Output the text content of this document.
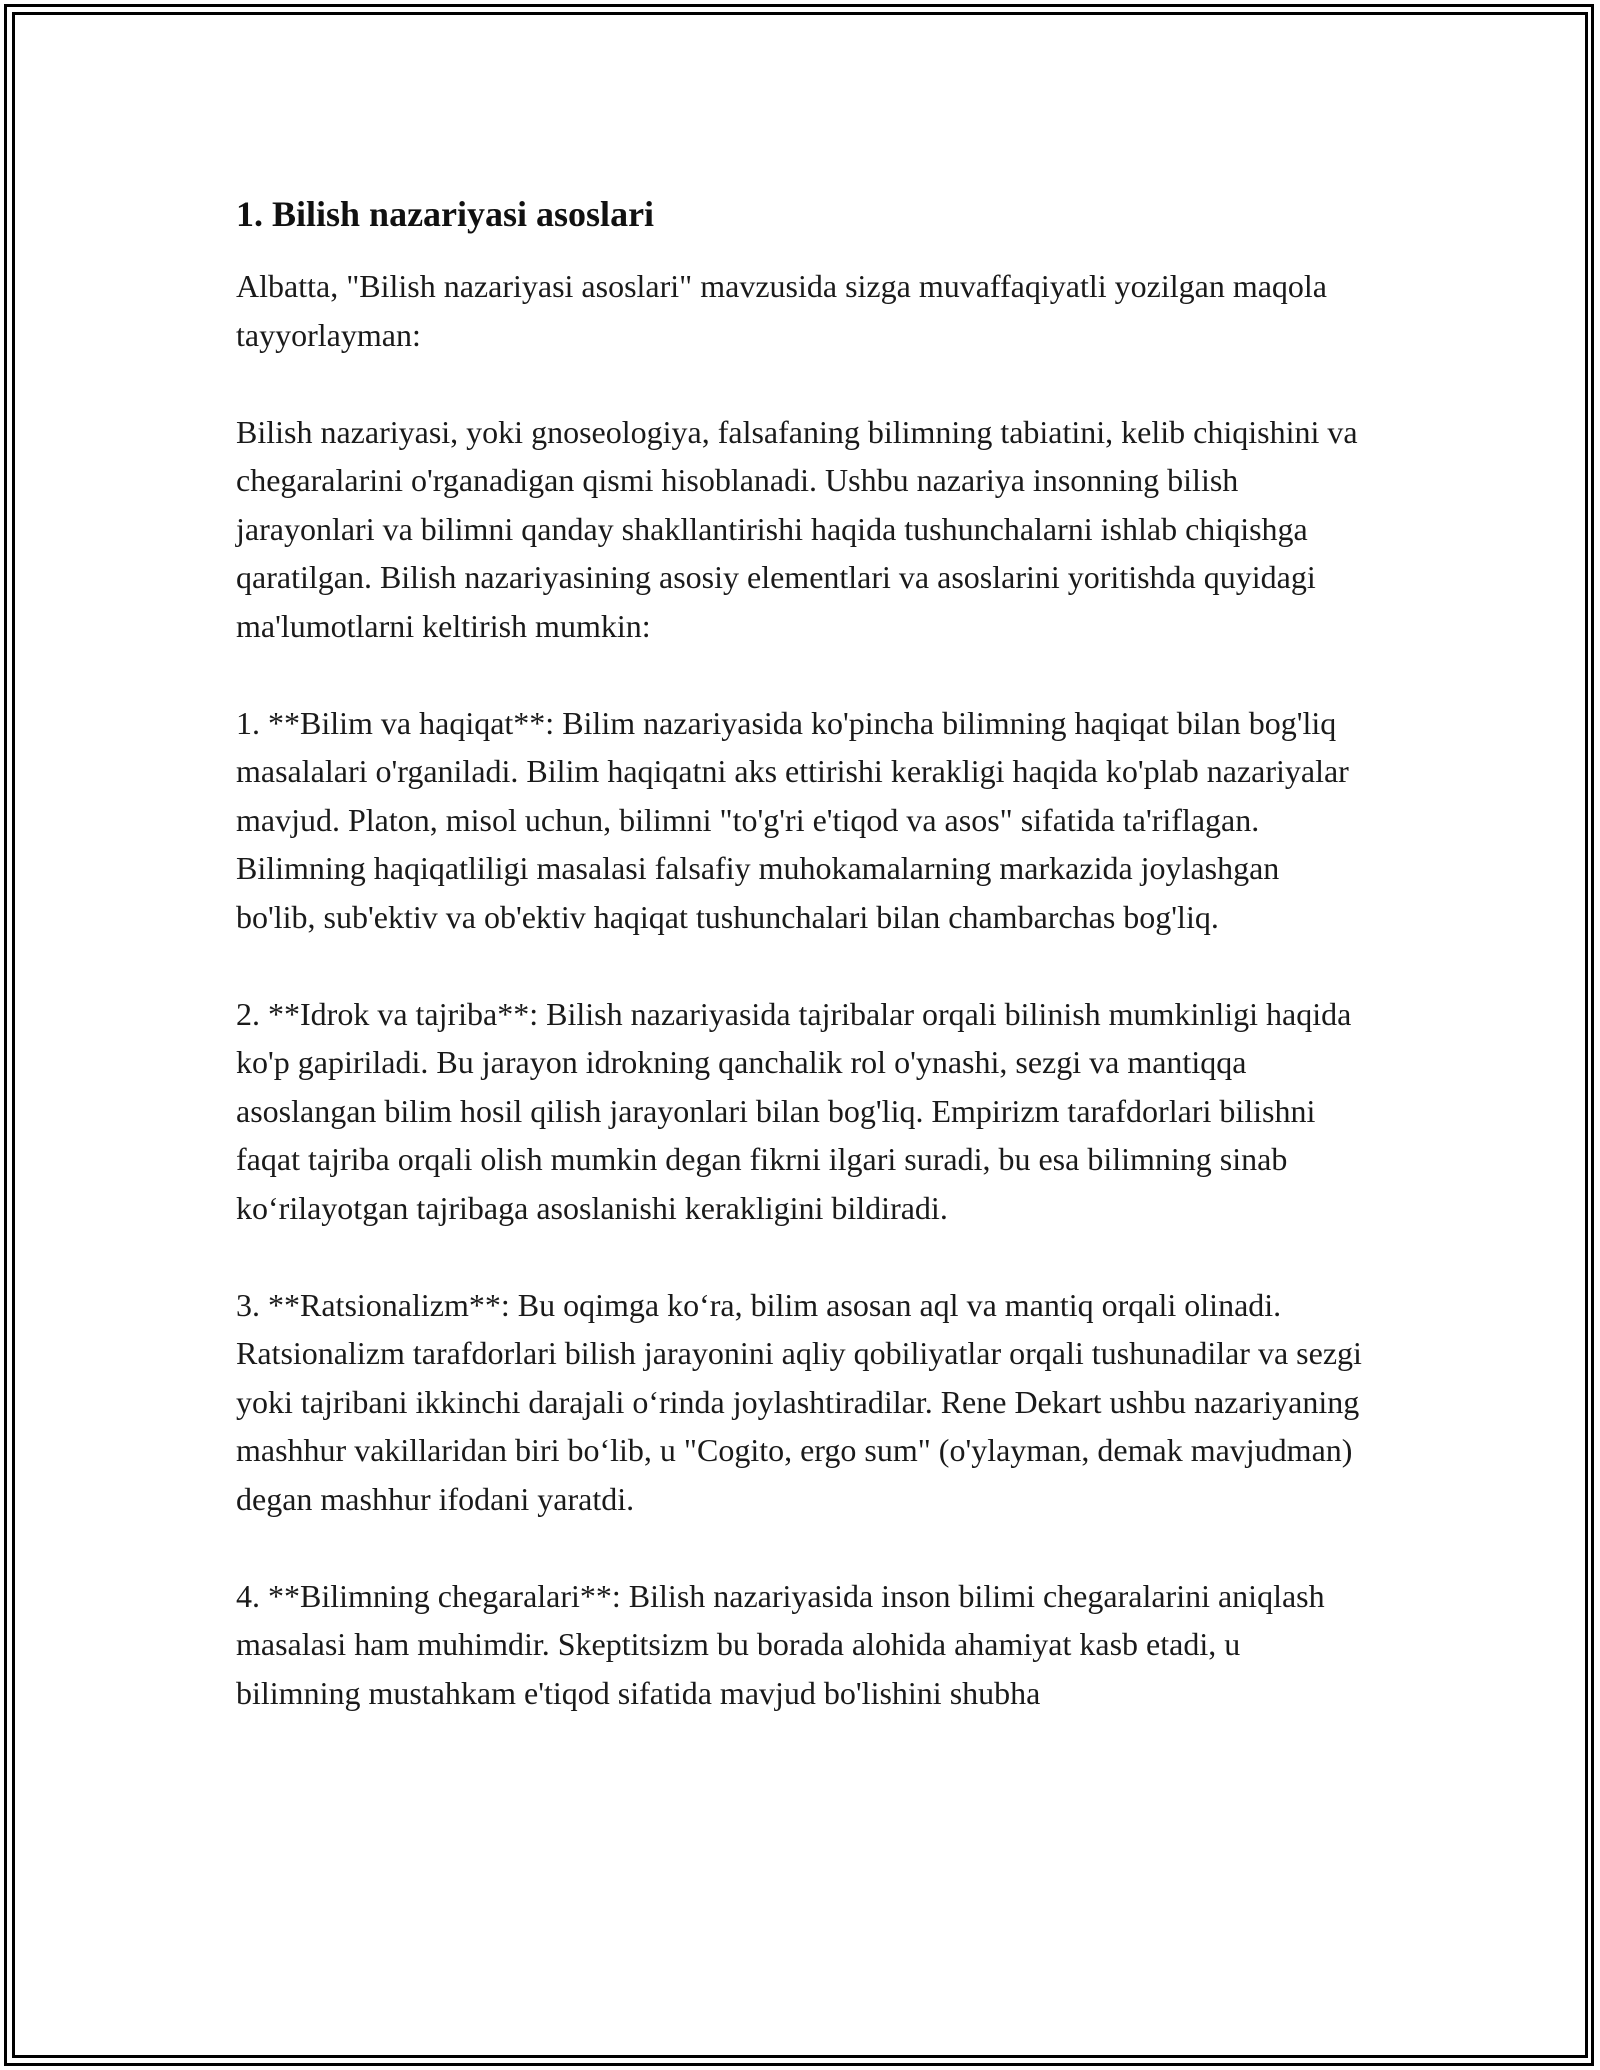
1. Bilish nazariyasi asoslari

Albatta, "Bilish nazariyasi asoslari" mavzusida sizga muvaffaqiyatli yozilgan maqola tayyorlayman:

Bilish nazariyasi, yoki gnoseologiya, falsafaning bilimning tabiatini, kelib chiqishini va chegaralarini o'rganadigan qismi hisoblanadi. Ushbu nazariya insonning bilish jarayonlari va bilimni qanday shakllantirishi haqida tushunchalarni ishlab chiqishga qaratilgan. Bilish nazariyasining asosiy elementlari va asoslarini yoritishda quyidagi ma'lumotlarni keltirish mumkin:

1. **Bilim va haqiqat**: Bilim nazariyasida ko'pincha bilimning haqiqat bilan bog'liq masalalari o'rganiladi. Bilim haqiqatni aks ettirishi kerakligi haqida ko'plab nazariyalar mavjud. Platon, misol uchun, bilimni "to'g'ri e'tiqod va asos" sifatida ta'riflagan. Bilimning haqiqatliligi masalasi falsafiy muhokamalarning markazida joylashgan bo'lib, sub'ektiv va ob'ektiv haqiqat tushunchalari bilan chambarchas bog'liq.

2. **Idrok va tajriba**: Bilish nazariyasida tajribalar orqali bilinish mumkinligi haqida ko'p gapiriladi. Bu jarayon idrokning qanchalik rol o'ynashi, sezgi va mantiqqa asoslangan bilim hosil qilish jarayonlari bilan bog'liq. Empirizm tarafdorlari bilishni faqat tajriba orqali olish mumkin degan fikrni ilgari suradi, bu esa bilimning sinab koʻrilayotgan tajribaga asoslanishi kerakligini bildiradi.

3. **Ratsionalizm**: Bu oqimga koʻra, bilim asosan aql va mantiq orqali olinadi. Ratsionalizm tarafdorlari bilish jarayonini aqliy qobiliyatlar orqali tushunadilar va sezgi yoki tajribani ikkinchi darajali oʻrinda joylashtiradilar. Rene Dekart ushbu nazariyaning mashhur vakillaridan biri boʻlib, u "Cogito, ergo sum" (o'ylayman, demak mavjudman) degan mashhur ifodani yaratdi.

4. **Bilimning chegaralari**: Bilish nazariyasida inson bilimi chegaralarini aniqlash masalasi ham muhimdir. Skeptitsizm bu borada alohida ahamiyat kasb etadi, u bilimning mustahkam e'tiqod sifatida mavjud bo'lishini shubha
